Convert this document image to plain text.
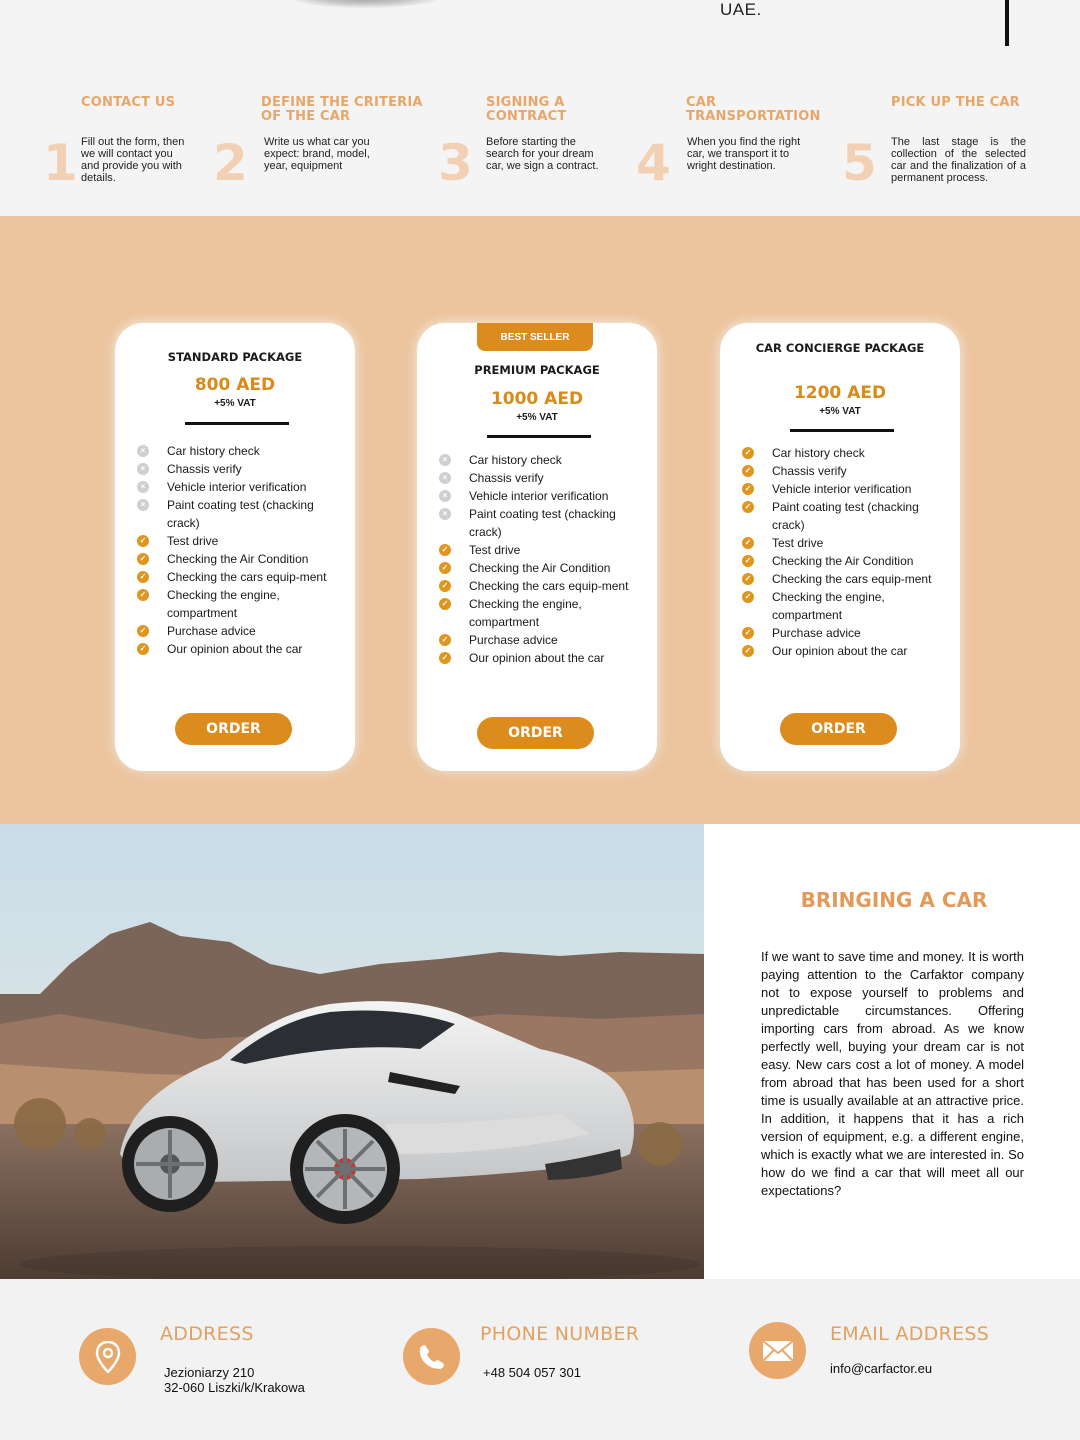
UAE.
CONTACT US
1 Fill out the form, then we will contact you and provide you with details.
DEFINE THE CRITERIA OF THE CAR
2 Write us what car you expect: brand, model, year, equipment
SIGNING A CONTRACT
3 Before starting the search for your dream car, we sign a contract.
CAR TRANSPORTATION
4 When you find the right car, we transport it to wright destination.
PICK UP THE CAR
5 The last stage is the collection of the selected car and the finalization of a permanent process.
STANDARD PACKAGE
800 AED
+5% VAT
×	Car history check
×	Chassis verify
×	Vehicle interior verification
×	Paint coating test (chacking crack)
✓ Test drive
✓ Checking the Air Condition
✓ Checking the cars equip-ment
✓ Checking the engine, compartment
✓ Purchase advice
✓ Our opinion about the car
ORDER
BEST SELLER
PREMIUM PACKAGE
1000 AED
+5% VAT
×	Car history check
×	Chassis verify
×	Vehicle interior verification
×	Paint coating test (chacking crack)
✓ Test drive
✓ Checking the Air Condition
✓ Checking the cars equip-ment
✓ Checking the engine, compartment
✓ Purchase advice
✓ Our opinion about the car
ORDER
CAR CONCIERGE PACKAGE
1200 AED
+5% VAT
✓ Car history check
✓ Chassis verify
✓ Vehicle interior verification
✓ Paint coating test (chacking crack)
✓ Test drive
✓ Checking the Air Condition
✓ Checking the cars equip-ment
✓ Checking the engine, compartment
✓ Purchase advice
✓ Our opinion about the car
ORDER
BRINGING A CAR

If we want to save time and money. It is worth paying attention to the Carfaktor company not to expose yourself to problems and unpredictable circumstances. Offering importing cars from abroad. As we know perfectly well, buying your dream car is not easy. New cars cost a lot of money. A model from abroad that has been used for a short time is usually available at an attractive price. In addition, it happens that it has a rich version of equipment, e.g. a different engine, which is exactly what we are interested in. So how do we find a car that will meet all our expectations?

ADDRESS
Jezioniarzy 210
32-060 Liszki/k/Krakowa
PHONE NUMBER
+48 504 057 301
EMAIL ADDRESS
info@carfactor.eu
